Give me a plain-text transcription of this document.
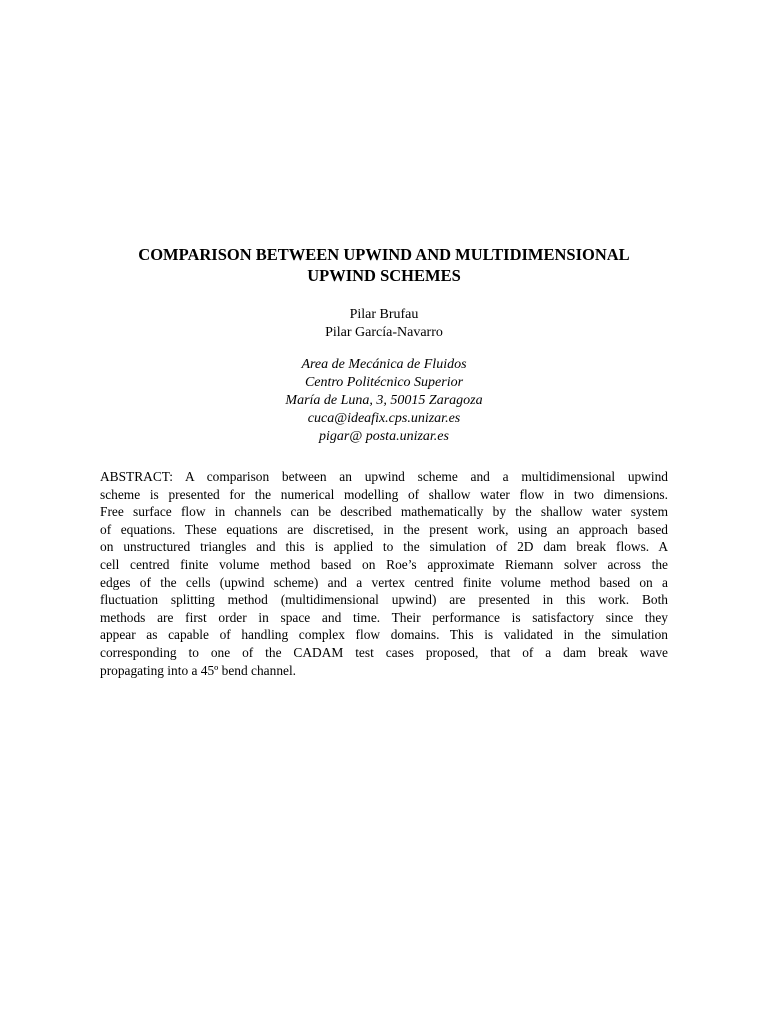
COMPARISON BETWEEN UPWIND AND MULTIDIMENSIONAL
UPWIND SCHEMES
Pilar Brufau
Pilar García-Navarro
Area de Mecánica de Fluidos
Centro Politécnico Superior
María de Luna, 3, 50015 Zaragoza
cuca@ideafix.cps.unizar.es
pigar@ posta.unizar.es
ABSTRACT: A comparison between an upwind scheme and a multidimensional upwind
scheme is presented for the numerical modelling of shallow water flow in two dimensions.
Free surface flow in channels can be described mathematically by the shallow water system
of equations. These equations are discretised, in the present work, using an approach based
on unstructured triangles and this is applied to the simulation of 2D dam break flows. A
cell centred finite volume method based on Roe’s approximate Riemann solver across the
edges of the cells (upwind scheme) and a vertex centred finite volume method based on a
fluctuation splitting method (multidimensional upwind) are presented in this work. Both
methods are first order in space and time. Their performance is satisfactory since they
appear as capable of handling complex flow domains. This is validated in the simulation
corresponding to one of the CADAM test cases proposed, that of a dam break wave
propagating into a 45º bend channel.
